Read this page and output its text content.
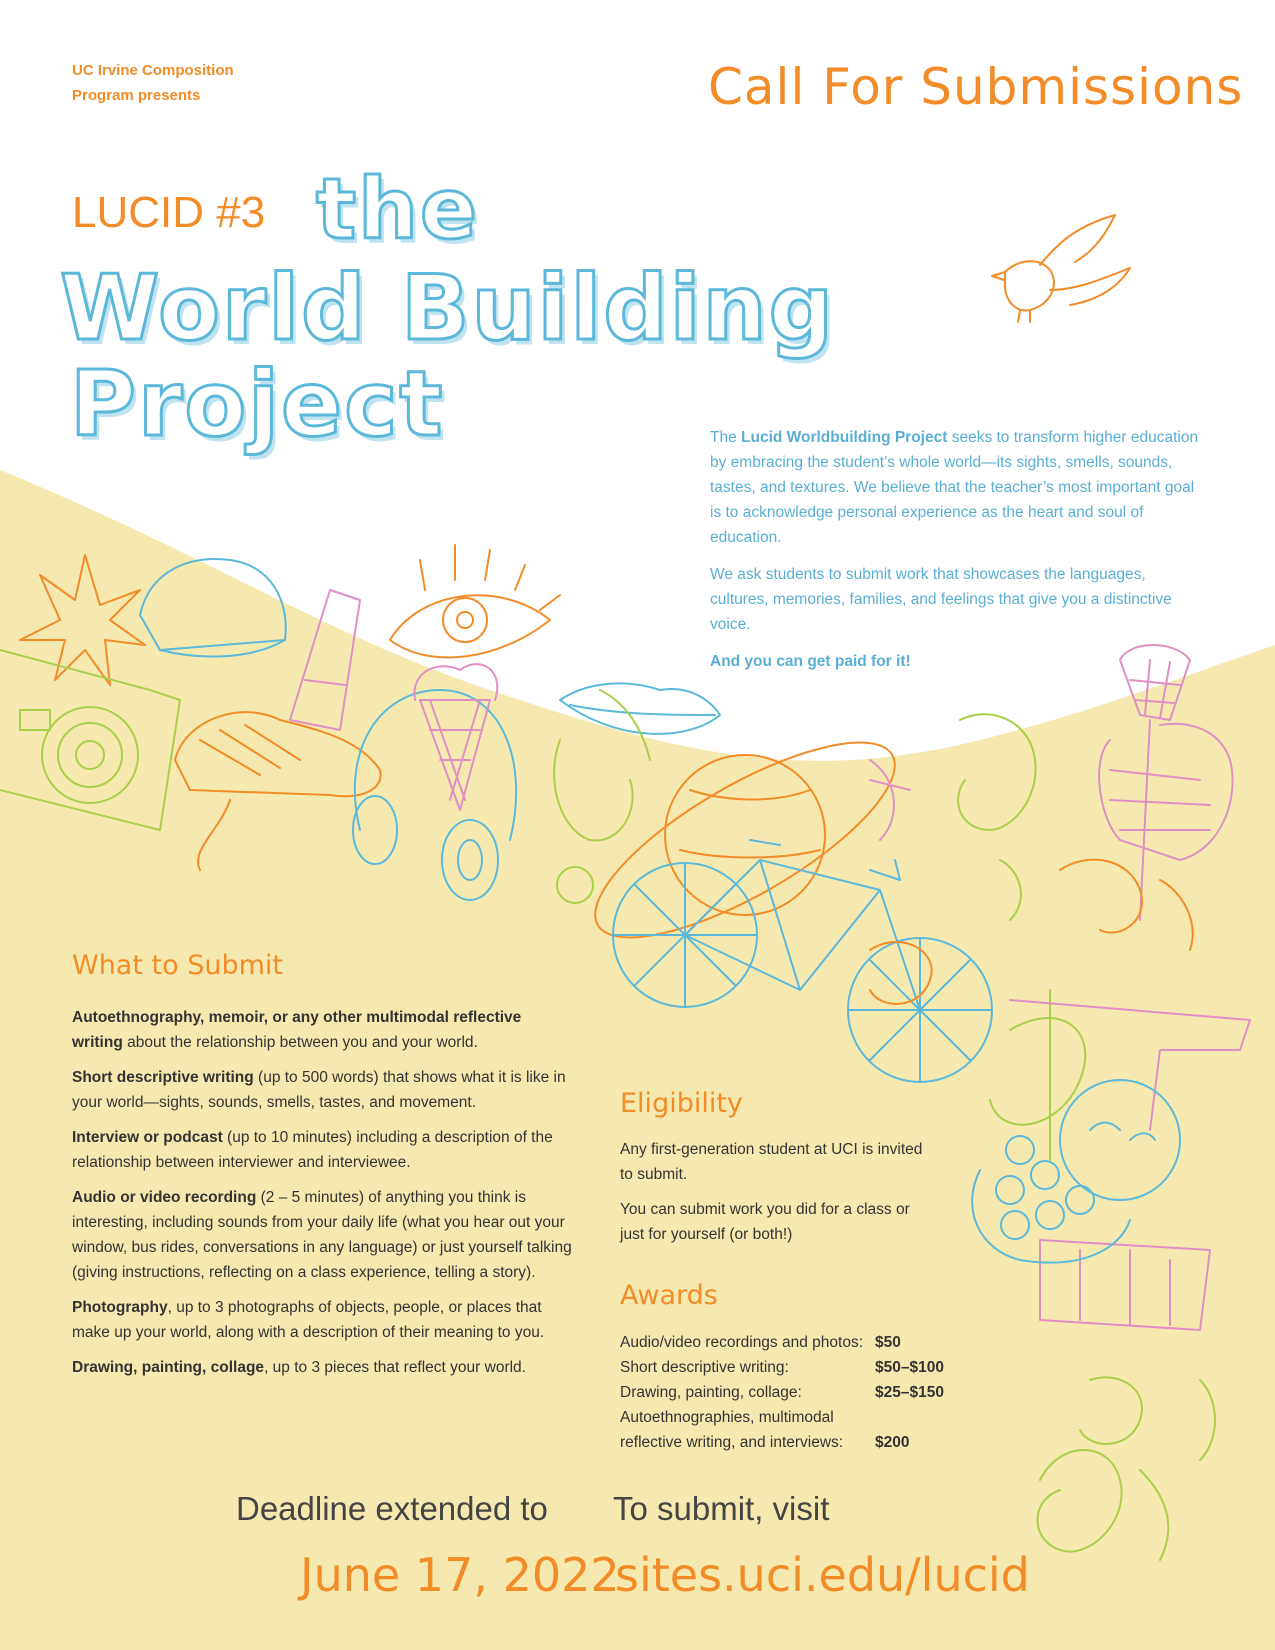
UC Irvine Composition Program presents	Call For Submissions
LUCID #3 the
World Building
Project	The Lucid Worldbuilding Project seeks to transform higher education by embracing the student’s whole world—its sights, smells, sounds, tastes, and textures. We believe that the teacher’s most important goal is to acknowledge personal experience as the heart and soul of education.

We ask students to submit work that showcases the languages, cultures, memories, families, and feelings that give you a distinctive voice.

And you can get paid for it!

What to Submit

Autoethnography, memoir, or any other multimodal reflective writing about the relationship between you and your world.

Short descriptive writing (up to 500 words) that shows what it is like in your world—sights, sounds, smells, tastes, and movement.

Interview or podcast (up to 10 minutes) including a description of the relationship between interviewer and interviewee.

Audio or video recording (2 – 5 minutes) of anything you think is interesting, including sounds from your daily life (what you hear out your window, bus rides, conversations in any language) or just yourself talking (giving instructions, reflecting on a class experience, telling a story).

Photography, up to 3 photographs of objects, people, or places that make up your world, along with a description of their meaning to you.

Drawing, painting, collage, up to 3 pieces that reflect your world.

Eligibility

Any first-generation student at UCI is invited to submit.

You can submit work you did for a class or just for yourself (or both!)

Awards
Audio/video recordings and photos:	$50
Short descriptive writing:	$50–$100
Drawing, painting, collage:	$25–$150
Autoethnographies, multimodal	
reflective writing, and interviews:	$200
Deadline extended to
June 17, 2022
To submit, visit
sites.uci.edu/lucid
